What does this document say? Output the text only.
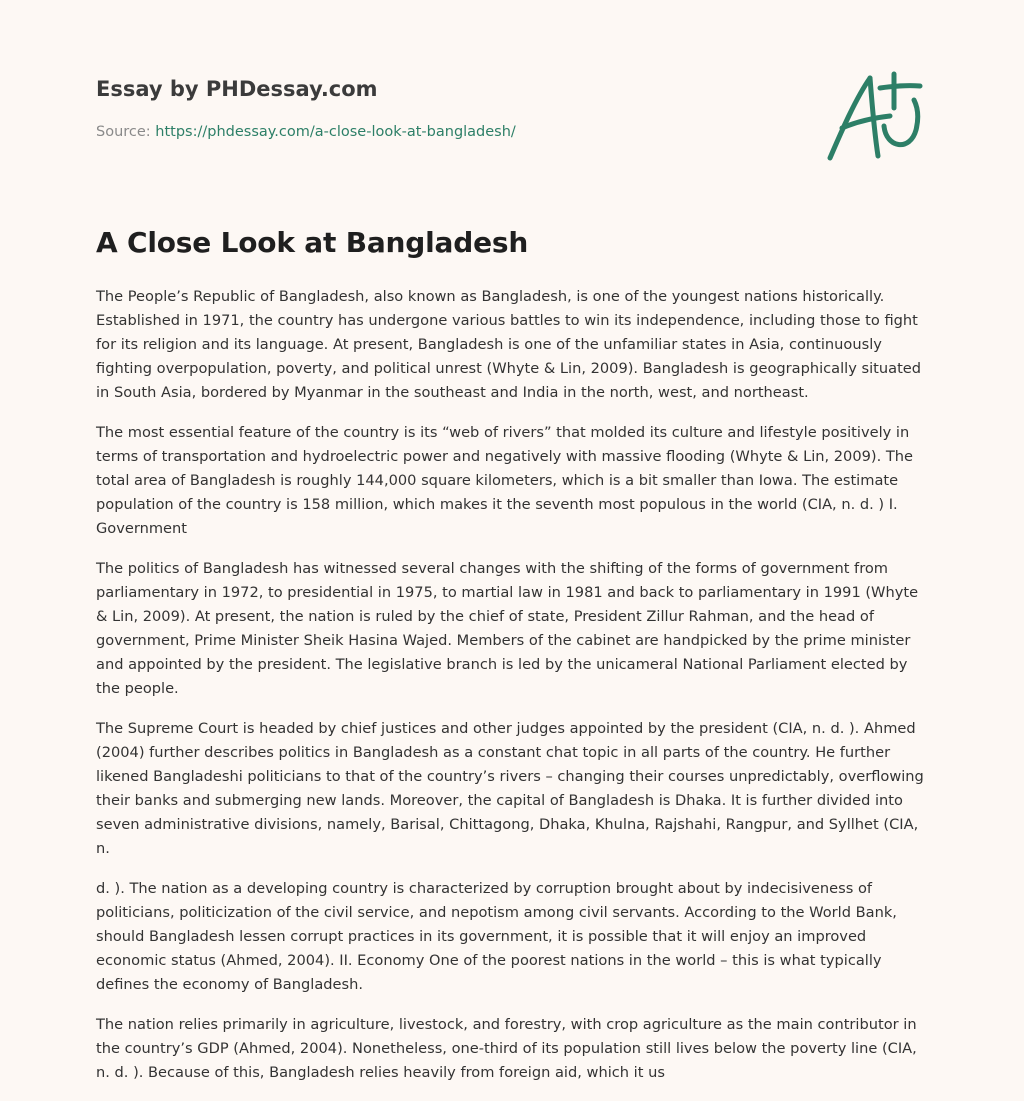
Essay by PHDessay.com

Source: https://phdessay.com/a-close-look-at-bangladesh/

A Close Look at Bangladesh

The People’s Republic of Bangladesh, also known as Bangladesh, is one of the youngest nations historically. Established in 1971, the country has undergone various battles to win its independence, including those to fight for its religion and its language. At present, Bangladesh is one of the unfamiliar states in Asia, continuously fighting overpopulation, poverty, and political unrest (Whyte & Lin, 2009). Bangladesh is geographically situated in South Asia, bordered by Myanmar in the southeast and India in the north, west, and northeast.

The most essential feature of the country is its “web of rivers” that molded its culture and lifestyle positively in terms of transportation and hydroelectric power and negatively with massive flooding (Whyte & Lin, 2009). The total area of Bangladesh is roughly 144,000 square kilometers, which is a bit smaller than Iowa. The estimate population of the country is 158 million, which makes it the seventh most populous in the world (CIA, n. d. ) I. Government

The politics of Bangladesh has witnessed several changes with the shifting of the forms of government from parliamentary in 1972, to presidential in 1975, to martial law in 1981 and back to parliamentary in 1991 (Whyte & Lin, 2009). At present, the nation is ruled by the chief of state, President Zillur Rahman, and the head of government, Prime Minister Sheik Hasina Wajed. Members of the cabinet are handpicked by the prime minister and appointed by the president. The legislative branch is led by the unicameral National Parliament elected by the people.

The Supreme Court is headed by chief justices and other judges appointed by the president (CIA, n. d. ). Ahmed (2004) further describes politics in Bangladesh as a constant chat topic in all parts of the country. He further likened Bangladeshi politicians to that of the country’s rivers – changing their courses unpredictably, overflowing their banks and submerging new lands. Moreover, the capital of Bangladesh is Dhaka. It is further divided into seven administrative divisions, namely, Barisal, Chittagong, Dhaka, Khulna, Rajshahi, Rangpur, and Syllhet (CIA, n.

d. ). The nation as a developing country is characterized by corruption brought about by indecisiveness of politicians, politicization of the civil service, and nepotism among civil servants. According to the World Bank, should Bangladesh lessen corrupt practices in its government, it is possible that it will enjoy an improved economic status (Ahmed, 2004). II. Economy One of the poorest nations in the world – this is what typically defines the economy of Bangladesh.

The nation relies primarily in agriculture, livestock, and forestry, with crop agriculture as the main contributor in the country’s GDP (Ahmed, 2004). Nonetheless, one-third of its population still lives below the poverty line (CIA, n. d. ). Because of this, Bangladesh relies heavily from foreign aid, which it us
